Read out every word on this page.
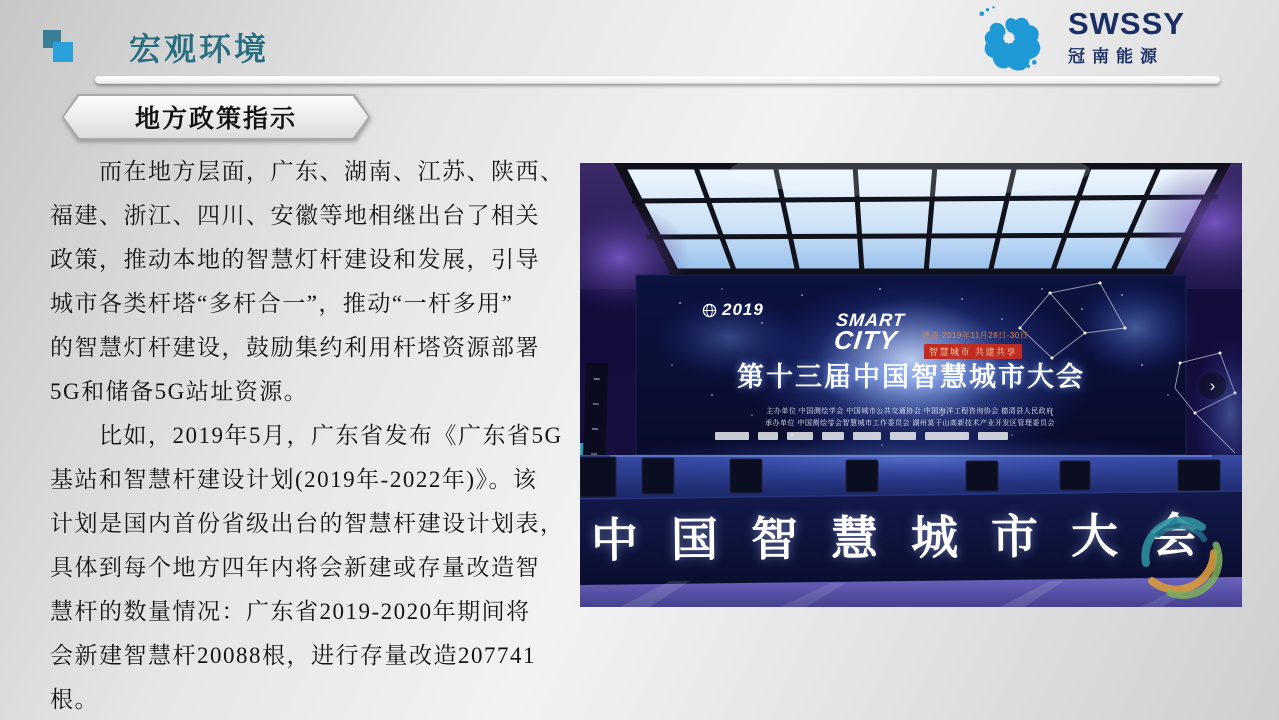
宏观环境
SWSSY
冠南能源
地方政策指示
　　而在地方层面，广东、湖南、江苏、陕西、
福建、浙江、四川、安徽等地相继出台了相关
政策，推动本地的智慧灯杆建设和发展，引导
城市各类杆塔“多杆合一”，推动“一杆多用”
的智慧灯杆建设，鼓励集约利用杆塔资源部署
5G和储备5G站址资源。
　　比如，2019年5月，广东省发布《广东省5G
基站和智慧杆建设计划(2019年-2022年)》。该
计划是国内首份省级出台的智慧杆建设计划表，
具体到每个地方四年内将会新建或存量改造智
慧杆的数量情况：广东省2019-2020年期间将
会新建智慧杆20088根，进行存量改造207741
根。
2019
SMART
CITY	德清·2019年11月28日-30日
智慧城市 共建共享
第十三届中国智慧城市大会
主办单位 中国测绘学会 中国城市公共交通协会 中国海洋工程咨询协会 德清县人民政府
承办单位 中国测绘学会智慧城市工作委员会 湖州莫干山高新技术产业开发区管理委员会
中国智慧城市大会
›
